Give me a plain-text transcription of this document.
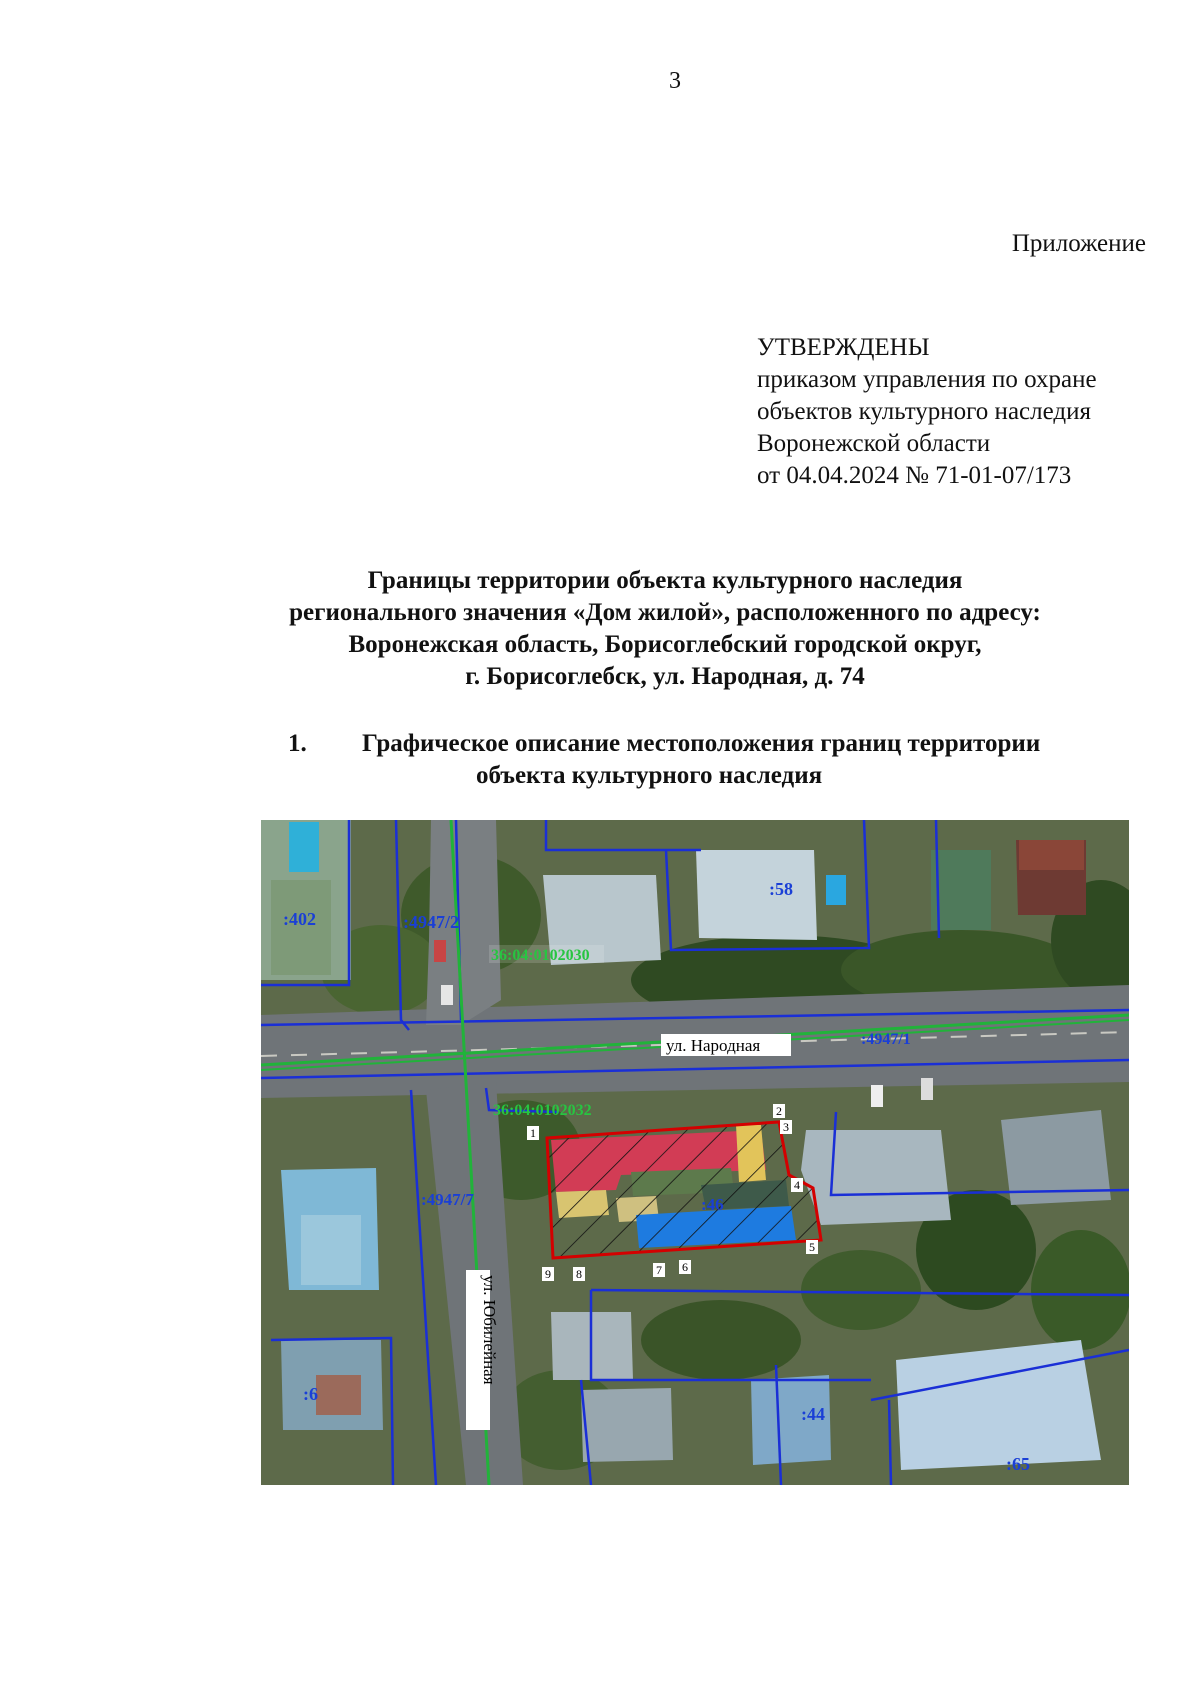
3
Приложение
УТВЕРЖДЕНЫ
приказом управления по охране
объектов культурного наследия
Воронежской области
от 04.04.2024 № 71-01-07/173
Границы территории объекта культурного наследия
регионального значения «Дом жилой», расположенного по адресу:
Воронежская область, Борисоглебский городской округ,
г. Борисоглебск, ул. Народная, д. 74
1. Графическое описание местоположения границ территории
объекта культурного наследия
ул. Народная
ул. Юбилейная
36:04:0102030
36:04:0102032
:402	:4947/2
:58
:4947/1
:4947/7	:46
:6
:44
:65
1
2
3
4
5
6
7
8
9
